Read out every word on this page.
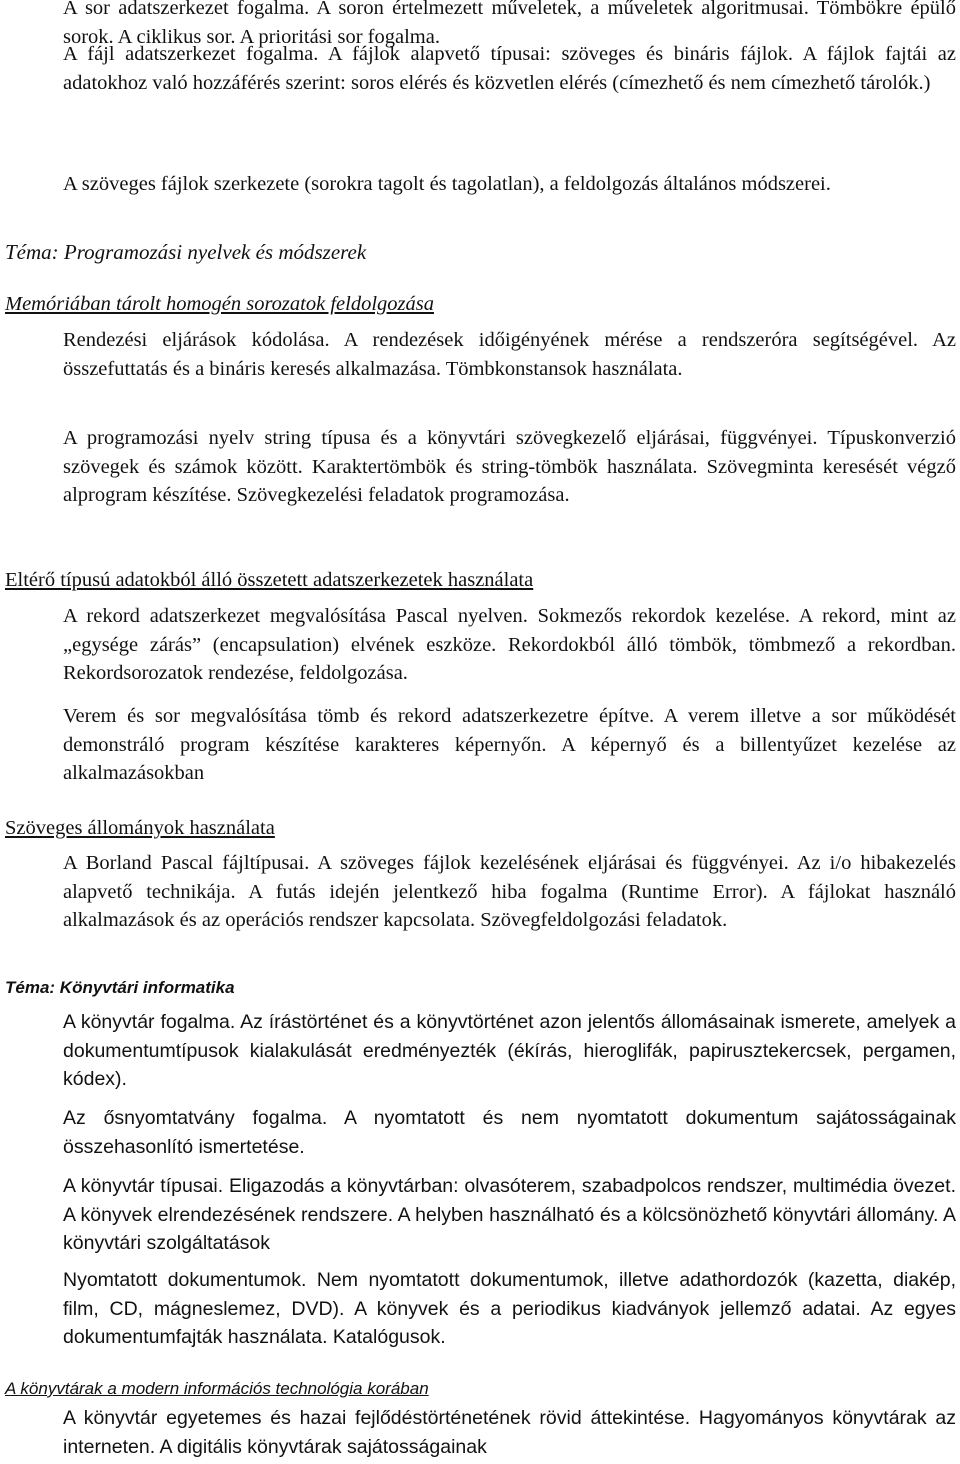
A sor adatszerkezet fogalma. A soron értelmezett műveletek, a műveletek algoritmusai. Tömbökre épülő sorok. A ciklikus sor. A prioritási sor fogalma.

A fájl adatszerkezet fogalma. A fájlok alapvető típusai: szöveges és bináris fájlok. A fájlok fajtái az adatokhoz való hozzáférés szerint: soros elérés és közvetlen elérés (címezhető és nem címezhető tárolók.)

A szöveges fájlok szerkezete (sorokra tagolt és tagolatlan), a feldolgozás általános módszerei.

Téma: Programozási nyelvek és módszerek
Memóriában tárolt homogén sorozatok feldolgozása

Rendezési eljárások kódolása. A rendezések időigényének mérése a rendszeróra segítségével. Az összefuttatás és a bináris keresés alkalmazása. Tömbkonstansok használata.

A programozási nyelv string típusa és a könyvtári szövegkezelő eljárásai, függvényei. Típuskonverzió szövegek és számok között. Karaktertömbök és string-tömbök használata. Szövegminta keresését végző alprogram készítése. Szövegkezelési feladatok programozása.

Eltérő típusú adatokból álló összetett adatszerkezetek használata

A rekord adatszerkezet megvalósítása Pascal nyelven. Sokmezős rekordok kezelése. A rekord, mint az „egysége zárás” (encapsulation) elvének eszköze. Rekordokból álló tömbök, tömbmező a rekordban. Rekordsorozatok rendezése, feldolgozása.

Verem és sor megvalósítása tömb és rekord adatszerkezetre építve. A verem illetve a sor működését demonstráló program készítése karakteres képernyőn. A képernyő és a billentyűzet kezelése az alkalmazásokban

Szöveges állományok használata

A Borland Pascal fájltípusai. A szöveges fájlok kezelésének eljárásai és függvényei. Az i/o hibakezelés alapvető technikája. A futás idején jelentkező hiba fogalma (Runtime Error). A fájlokat használó alkalmazások és az operációs rendszer kapcsolata. Szövegfeldolgozási feladatok.

Téma: Könyvtári informatika

A könyvtár fogalma. Az írástörténet és a könyvtörténet azon jelentős állomásainak ismerete, amelyek a dokumentumtípusok kialakulását eredményezték (ékírás, hieroglifák, papirusztekercsek, pergamen, kódex).

Az ősnyomtatvány fogalma. A nyomtatott és nem nyomtatott dokumentum sajátosságainak összehasonlító ismertetése.

A könyvtár típusai. Eligazodás a könyvtárban: olvasóterem, szabadpolcos rendszer, multimédia övezet. A könyvek elrendezésének rendszere. A helyben használható és a kölcsönözhető könyvtári állomány. A könyvtári szolgáltatások

Nyomtatott dokumentumok. Nem nyomtatott dokumentumok, illetve adathordozók (kazetta, diakép, film, CD, mágneslemez, DVD). A könyvek és a periodikus kiadványok jellemző adatai. Az egyes dokumentumfajták használata. Katalógusok.

A könyvtárak a modern információs technológia korában

A könyvtár egyetemes és hazai fejlődéstörténetének rövid áttekintése. Hagyományos könyvtárak az interneten. A digitális könyvtárak sajátosságainak
